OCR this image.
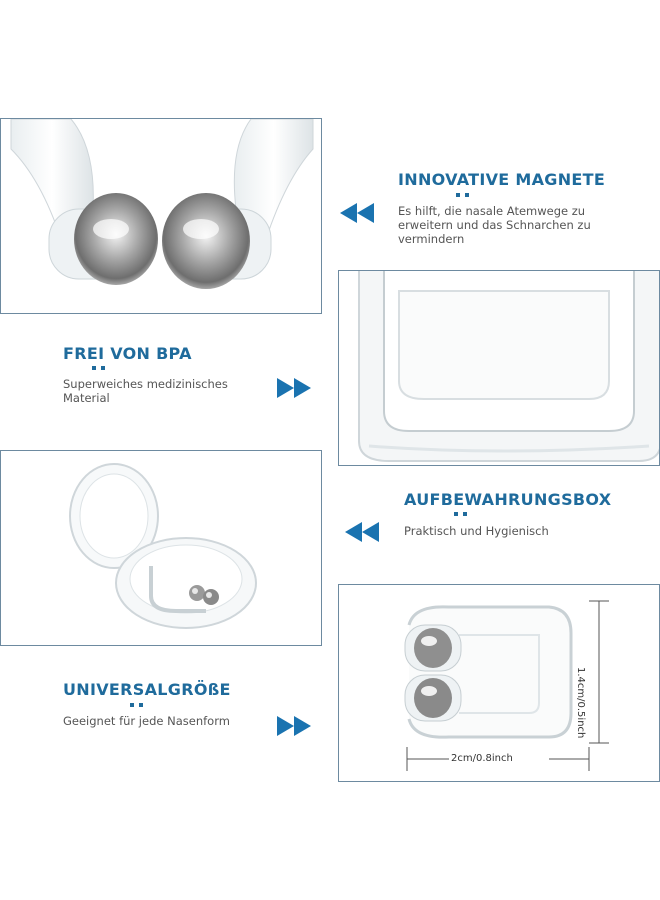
INNOVATIVE MAGNETE
Es hilft, die nasale Atemwege zu
erweitern und das Schnarchen zu
vermindern
FREI VON BPA
Superweiches medizinisches
Material
AUFBEWAHRUNGSBOX
Praktisch und Hygienisch
1.4cm/0.5inch
2cm/0.8inch
UNIVERSALGRÖßE
Geeignet für jede Nasenform
